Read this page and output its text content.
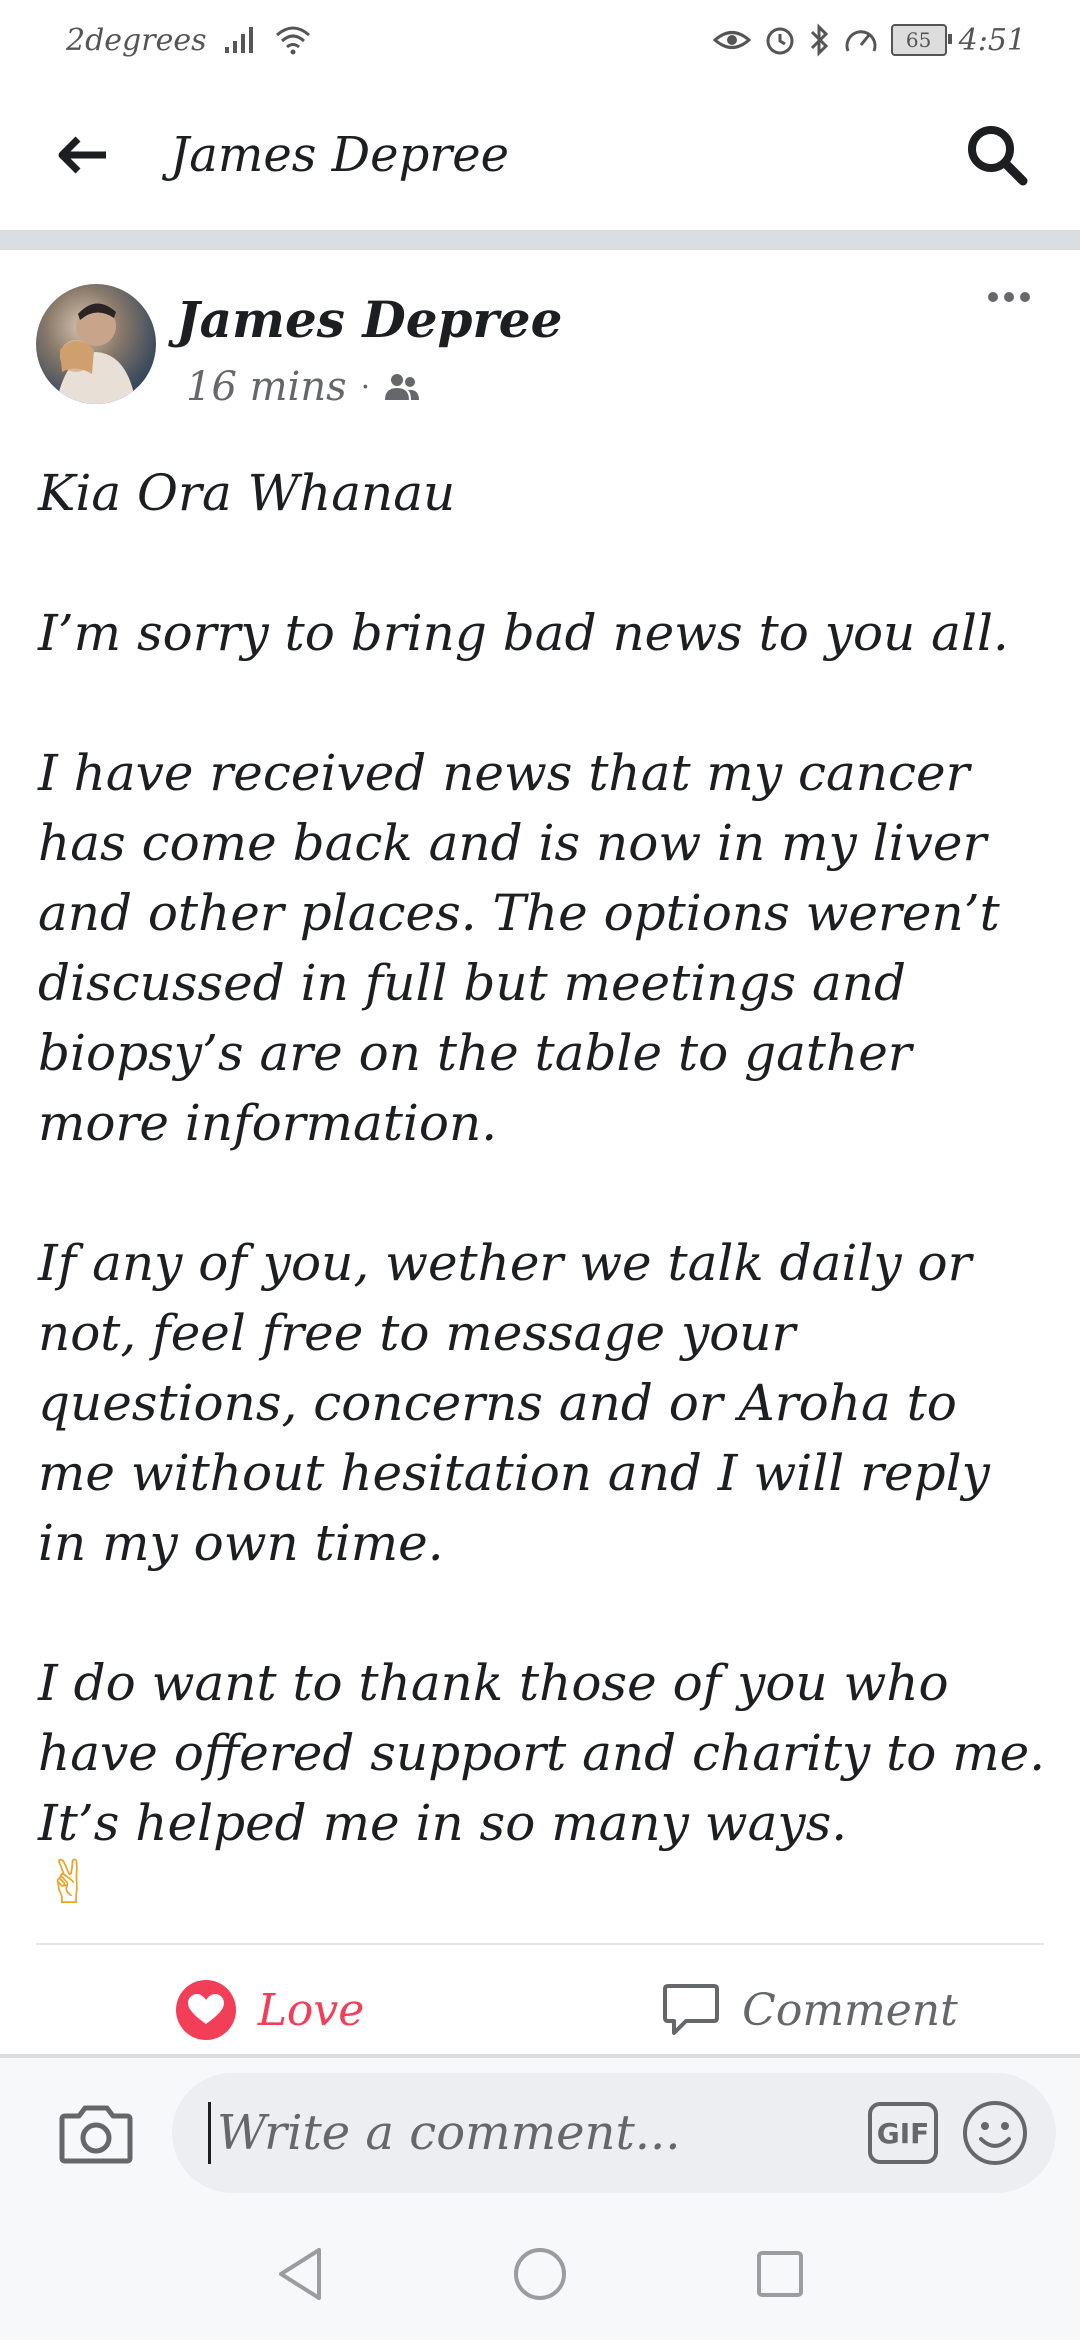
2degrees	65 4:51
James Depree
James Depree
16 mins ·

Kia Ora Whanau

I’m sorry to bring bad news to you all.

I have received news that my cancer has come back and is now in my liver and other places. The options weren’t discussed in full but meetings and biopsy’s are on the table to gather more information.

If any of you, wether we talk daily or not, feel free to message your questions, concerns and or Aroha to me without hesitation and I will reply in my own time.

I do want to thank those of you who have offered support and charity to me. It’s helped me in so many ways.

✌
Love	Comment
Write a comment...
GIF
